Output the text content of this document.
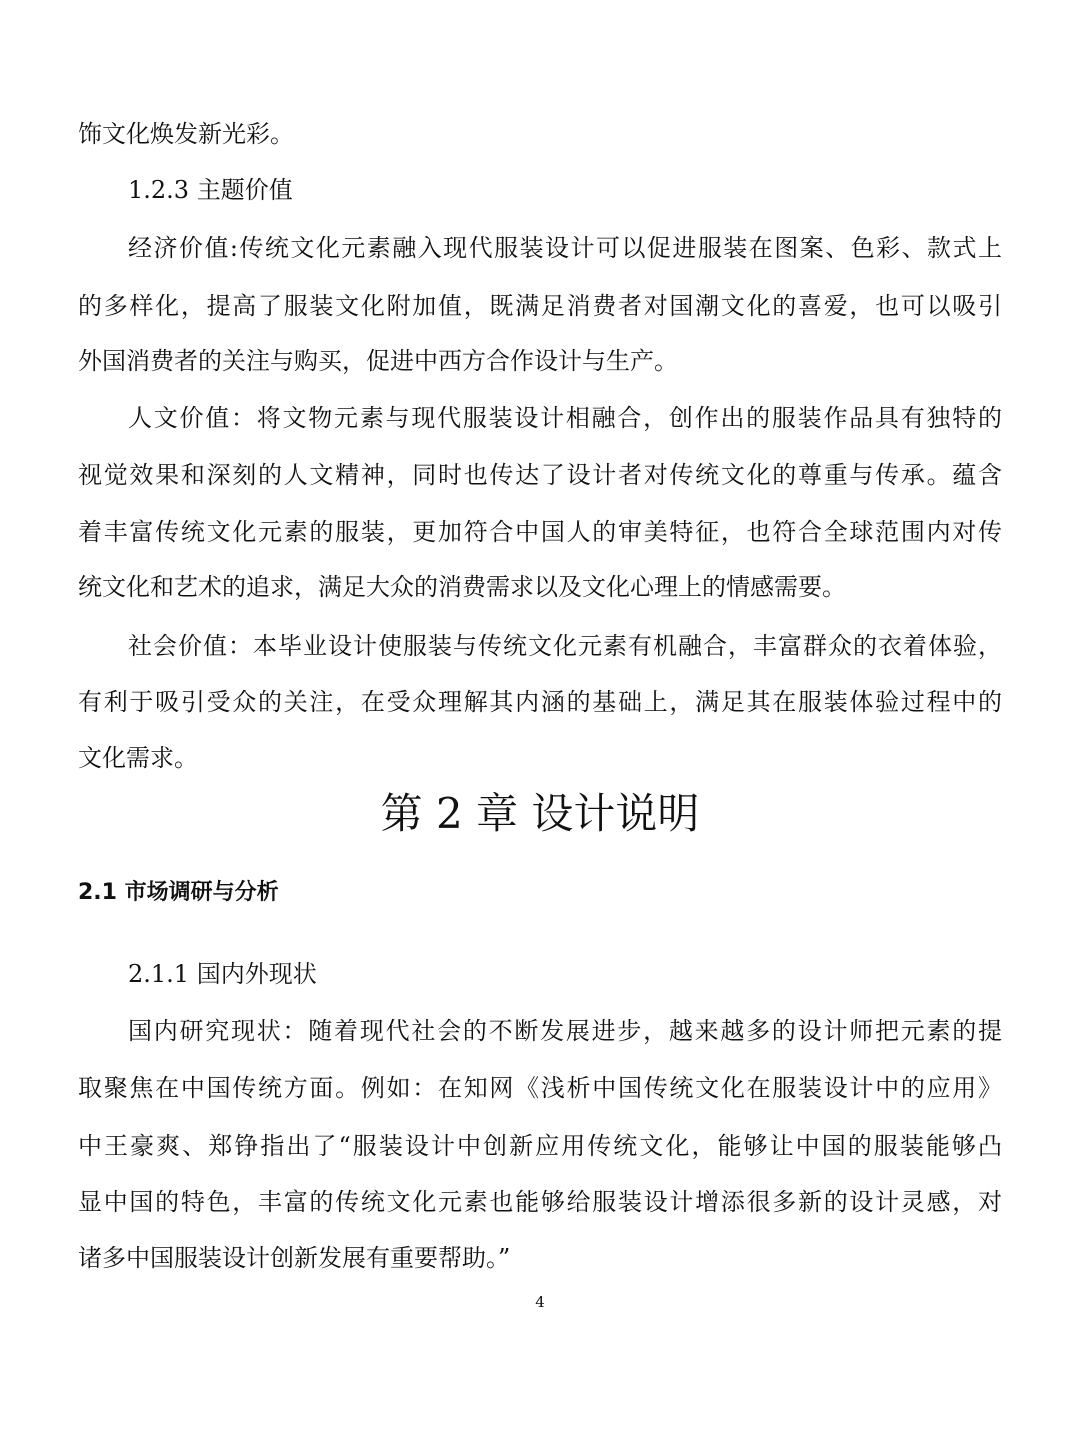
饰文化焕发新光彩。
1.2.3 主题价值
经济价值:传统文化元素融入现代服装设计可以促进服装在图案、色彩、款式上
的多样化，提高了服装文化附加值，既满足消费者对国潮文化的喜爱，也可以吸引
外国消费者的关注与购买，促进中西方合作设计与生产。
人文价值：将文物元素与现代服装设计相融合，创作出的服装作品具有独特的
视觉效果和深刻的人文精神，同时也传达了设计者对传统文化的尊重与传承。蕴含
着丰富传统文化元素的服装，更加符合中国人的审美特征，也符合全球范围内对传
统文化和艺术的追求，满足大众的消费需求以及文化心理上的情感需要。
社会价值：本毕业设计使服装与传统文化元素有机融合，丰富群众的衣着体验，
有利于吸引受众的关注，在受众理解其内涵的基础上，满足其在服装体验过程中的
文化需求。
第 2 章 设计说明
2.1 市场调研与分析
2.1.1 国内外现状
国内研究现状：随着现代社会的不断发展进步，越来越多的设计师把元素的提
取聚焦在中国传统方面。例如：在知网《浅析中国传统文化在服装设计中的应用》
中王豪爽、郑铮指出了“服装设计中创新应用传统文化，能够让中国的服装能够凸
显中国的特色，丰富的传统文化元素也能够给服装设计增添很多新的设计灵感，对
诸多中国服装设计创新发展有重要帮助。”
4
